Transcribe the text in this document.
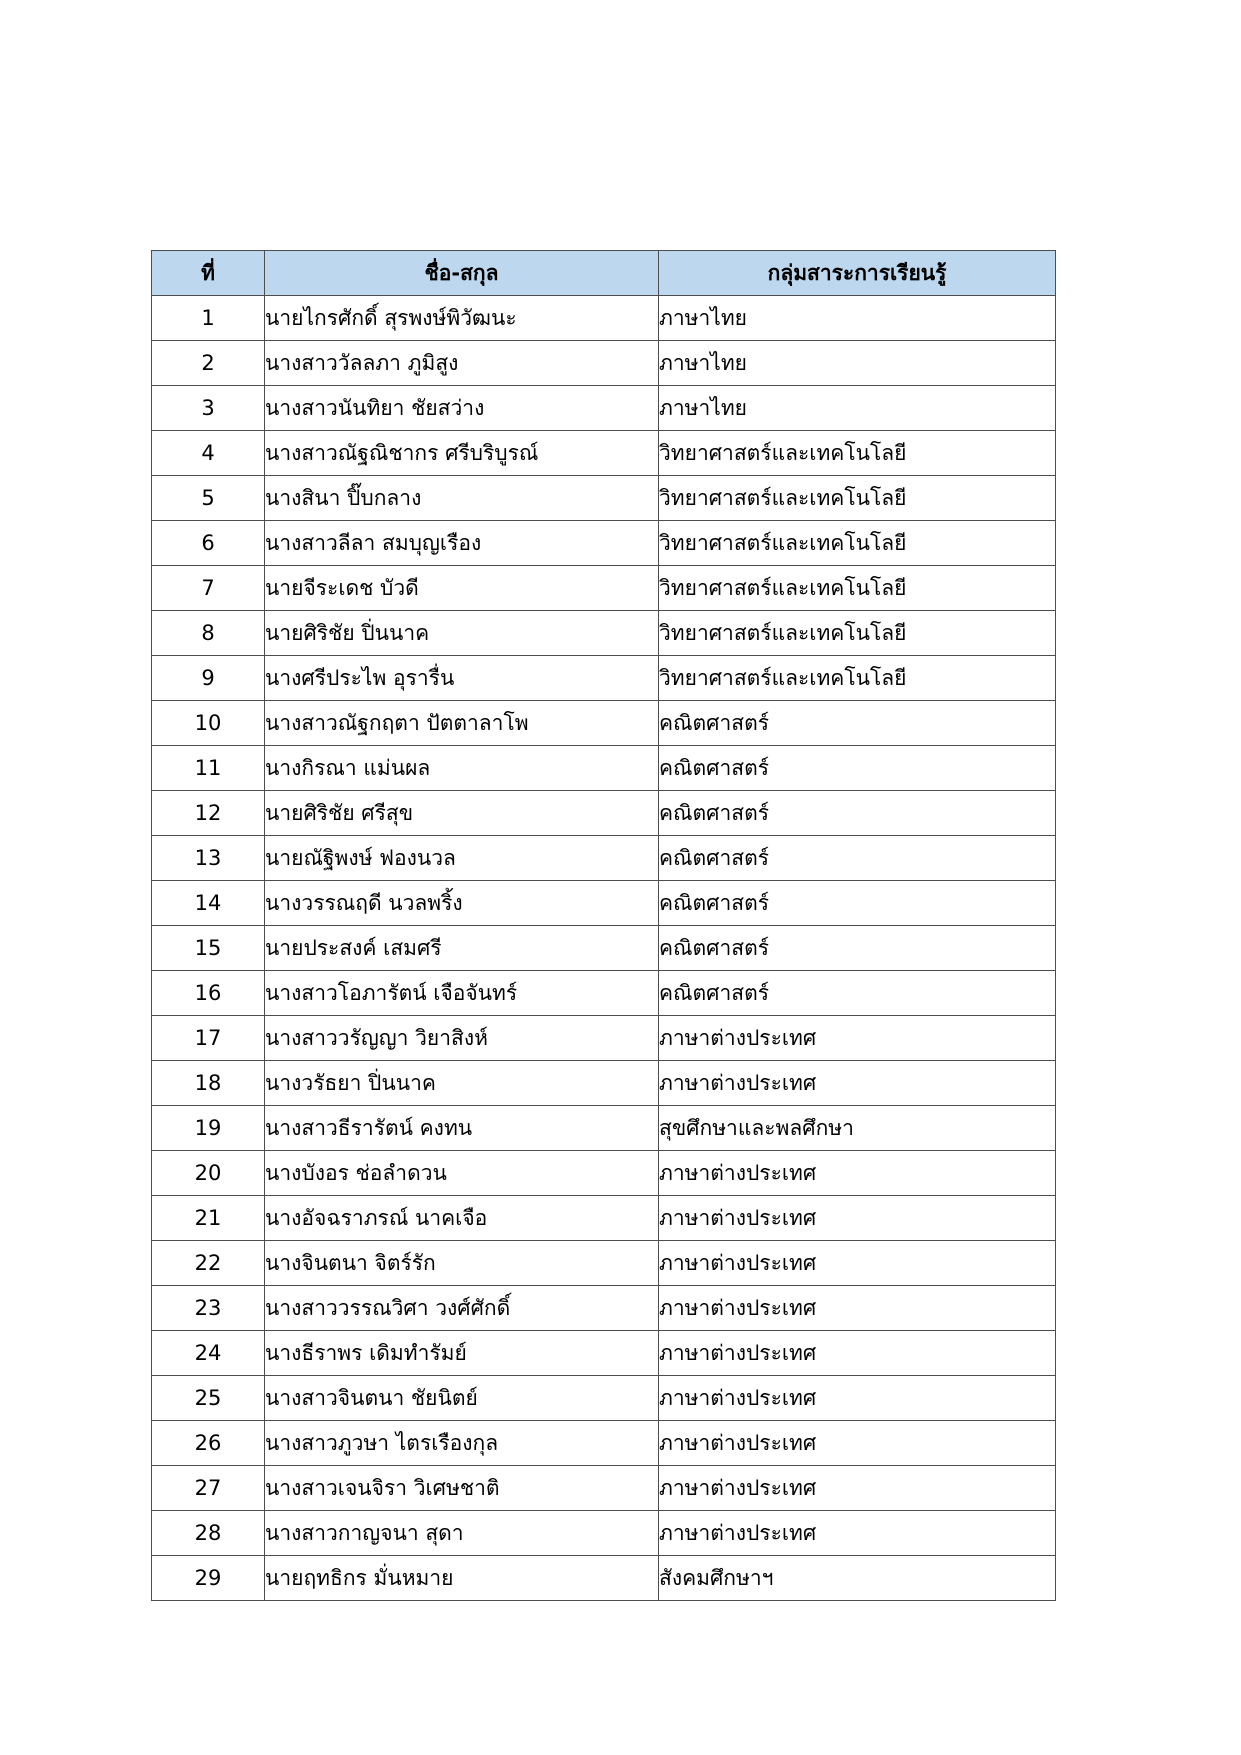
ที่	ชื่อ-สกุล	กลุ่มสาระการเรียนรู้
1	นายไกรศักดิ์ สุรพงษ์พิวัฒนะ	ภาษาไทย
2	นางสาววัลลภา ภูมิสูง	ภาษาไทย
3	นางสาวนันทิยา ชัยสว่าง	ภาษาไทย
4	นางสาวณัฐณิชากร ศรีบริบูรณ์	วิทยาศาสตร์และเทคโนโลยี
5	นางสินา ปิ๊บกลาง	วิทยาศาสตร์และเทคโนโลยี
6	นางสาวลีลา สมบุญเรือง	วิทยาศาสตร์และเทคโนโลยี
7	นายจีระเดช บัวดี	วิทยาศาสตร์และเทคโนโลยี
8	นายศิริชัย ปิ่นนาค	วิทยาศาสตร์และเทคโนโลยี
9	นางศรีประไพ อุรารื่น	วิทยาศาสตร์และเทคโนโลยี
10	นางสาวณัฐกฤตา ปัตตาลาโพ	คณิตศาสตร์
11	นางกิรณา แม่นผล	คณิตศาสตร์
12	นายศิริชัย ศรีสุข	คณิตศาสตร์
13	นายณัฐิพงษ์ ฟองนวล	คณิตศาสตร์
14	นางวรรณฤดี นวลพริ้ง	คณิตศาสตร์
15	นายประสงค์ เสมศรี	คณิตศาสตร์
16	นางสาวโอภารัตน์ เจือจันทร์	คณิตศาสตร์
17	นางสาววรัญญา วิยาสิงห์	ภาษาต่างประเทศ
18	นางวรัธยา ปิ่นนาค	ภาษาต่างประเทศ
19	นางสาวธีรารัตน์ คงทน	สุขศึกษาและพลศึกษา
20	นางบังอร ช่อลำดวน	ภาษาต่างประเทศ
21	นางอัจฉราภรณ์ นาคเจือ	ภาษาต่างประเทศ
22	นางจินตนา จิตร์รัก	ภาษาต่างประเทศ
23	นางสาววรรณวิศา วงศ์ศักดิ์	ภาษาต่างประเทศ
24	นางธีราพร เดิมทำรัมย์	ภาษาต่างประเทศ
25	นางสาวจินตนา ชัยนิตย์	ภาษาต่างประเทศ
26	นางสาวภูวษา ไตรเรืองกุล	ภาษาต่างประเทศ
27	นางสาวเจนจิรา วิเศษชาติ	ภาษาต่างประเทศ
28	นางสาวกาญจนา สุดา	ภาษาต่างประเทศ
29	นายฤทธิกร มั่นหมาย	สังคมศึกษาฯ
